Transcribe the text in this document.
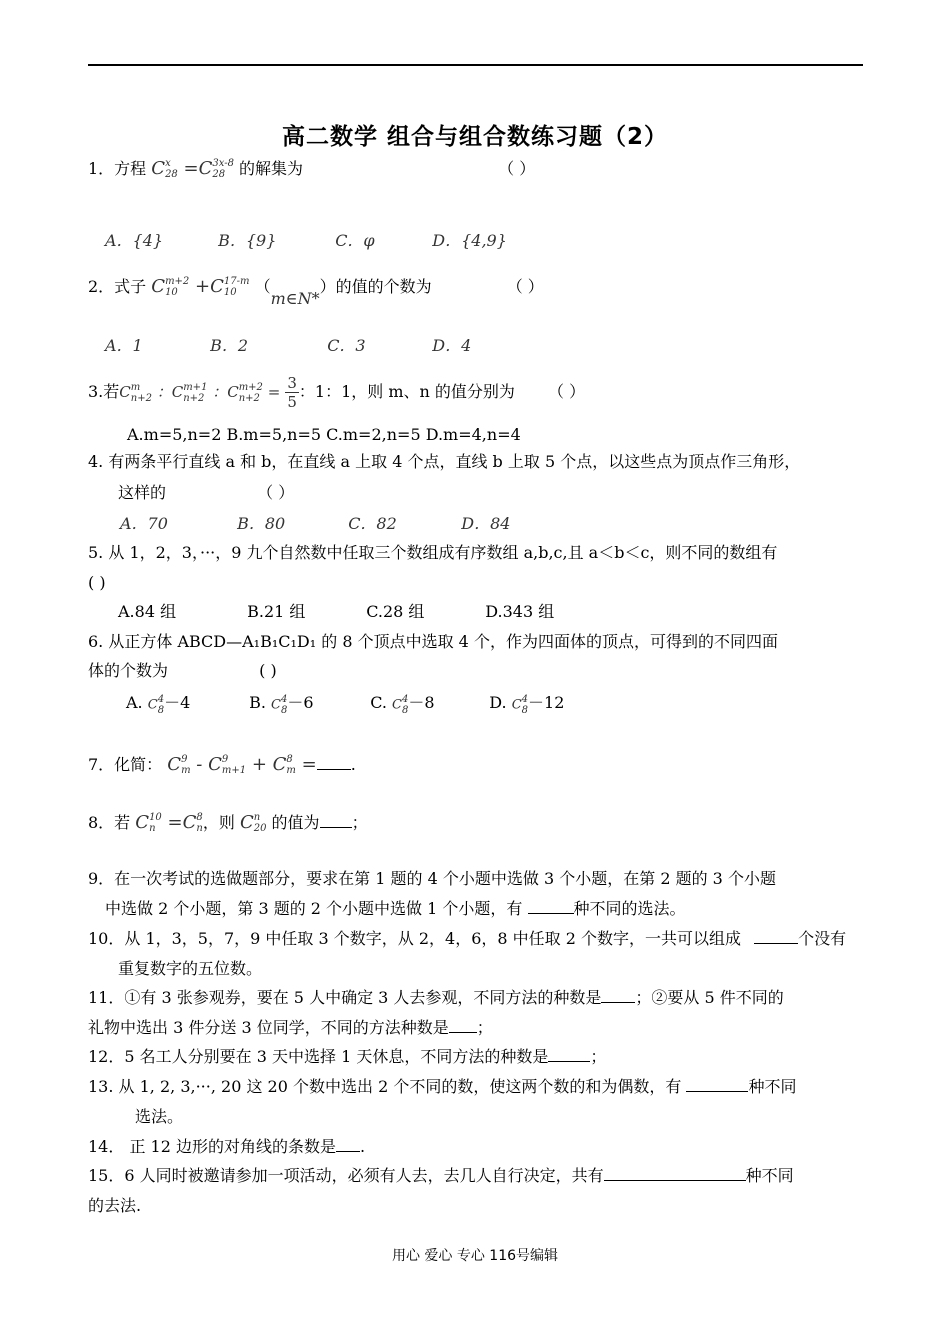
高二数学 组合与组合数练习题（2）
1．方程 Cx
28 =C3x-8
28 的解集为	（ ）
A．{4}	B．{9}	C．φ	D．{4,9}
2．式子 Cm+2
10 +C17-m
10 （m∈N*）的值的个数为	（ ）
A．1	B．2	C．3	D．4
3.若Cm
n+2 ：Cm+1
n+2 ：Cm+2
$n+2 = \frac{3}{5}$ ：1：1，则 m、n 的值分别为 （ ）
A.m=5,n=2 B.m=5,n=5 C.m=2,n=5 D.m=4,n=4
4. 有两条平行直线 a 和 b，在直线 a 上取 4 个点，直线 b 上取 5 个点，以这些点为顶点作三角形，
这样的	（ ）
A．70	B．80	C．82	D．84
5. 从 1，2，3，···，9 九个自然数中任取三个数组成有序数组 a,b,c,且 a＜b＜c，则不同的数组有
( )
A.84 组	B.21 组	C.28 组	D.343 组
6. 从正方体 ABCD—A₁B₁C₁D₁ 的 8 个顶点中选取 4 个，作为四面体的顶点，可得到的不同四面
体的个数为	( )
A. C4
8－4	B. C4
8－6	C. C4
8－8	D. C4
8－12
7．化简： C9
m - C9
m+1 + C8
m = .
8．若 C10
n =C8
n，则 Cn
20 的值为 ；
9．在一次考试的选做题部分，要求在第 1 题的 4 个小题中选做 3 个小题，在第 2 题的 3 个小题
中选做 2 个小题，第 3 题的 2 个小题中选做 1 个小题，有	种不同的选法。
10．从 1，3，5，7，9 中任取 3 个数字，从 2，4，6，8 中任取 2 个数字，一共可以组成	个没有
重复数字的五位数。
11．①有 3 张参观券，要在 5 人中确定 3 人去参观，不同方法的种数是 ；②要从 5 件不同的
礼物中选出 3 件分送 3 位同学，不同的方法种数是 ；
12．5 名工人分别要在 3 天中选择 1 天休息，不同方法的种数是	；
13. 从 1, 2, 3,···, 20 这 20 个数中选出 2 个不同的数，使这两个数的和为偶数，有	种不同
选法。
14． 正 12 边形的对角线的条数是 .
15．6 人同时被邀请参加一项活动，必须有人去，去几人自行决定，共有	种不同
的去法.
用心 爱心 专心 116号编辑
